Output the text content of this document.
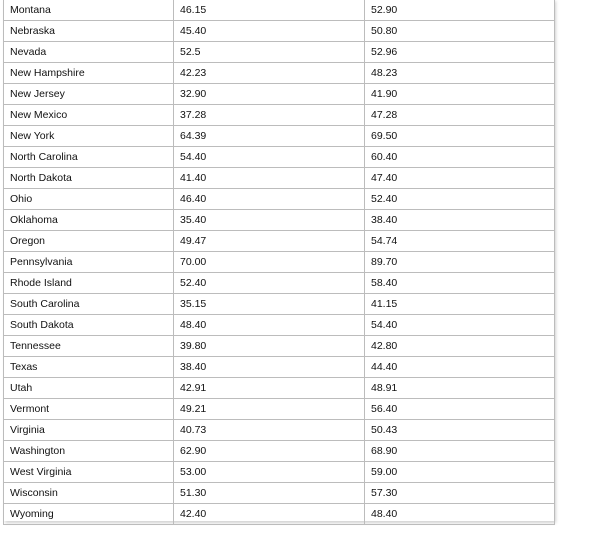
Montana	46.15	52.90
Nebraska	45.40	50.80
Nevada	52.5	52.96
New Hampshire	42.23	48.23
New Jersey	32.90	41.90
New Mexico	37.28	47.28
New York	64.39	69.50
North Carolina	54.40	60.40
North Dakota	41.40	47.40
Ohio	46.40	52.40
Oklahoma	35.40	38.40
Oregon	49.47	54.74
Pennsylvania	70.00	89.70
Rhode Island	52.40	58.40
South Carolina	35.15	41.15
South Dakota	48.40	54.40
Tennessee	39.80	42.80
Texas	38.40	44.40
Utah	42.91	48.91
Vermont	49.21	56.40
Virginia	40.73	50.43
Washington	62.90	68.90
West Virginia	53.00	59.00
Wisconsin	51.30	57.30
Wyoming	42.40	48.40
